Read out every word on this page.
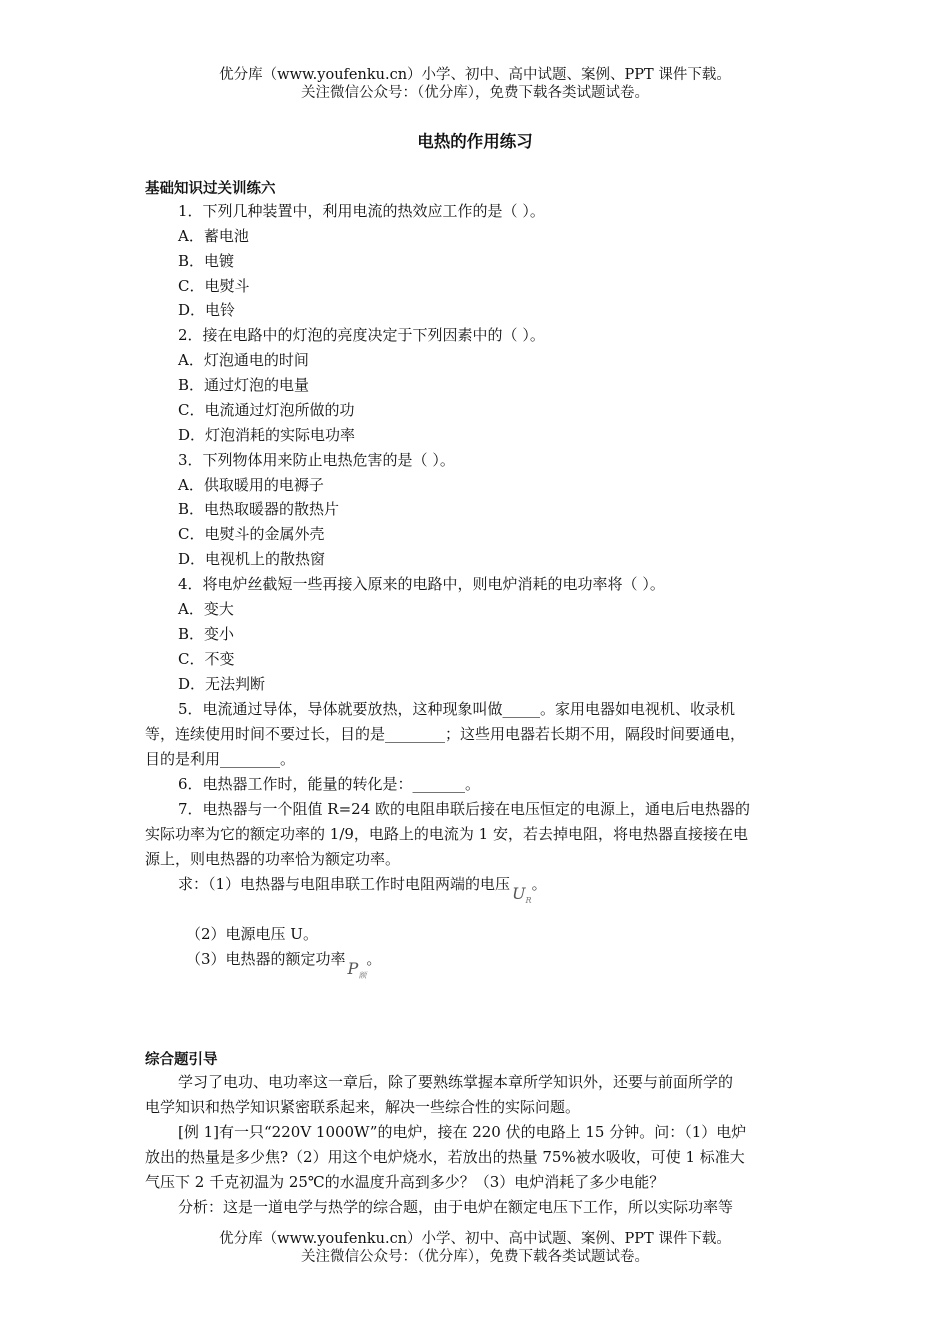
优分库（www.youfenku.cn）小学、初中、高中试题、案例、PPT 课件下载。
关注微信公众号：（优分库），免费下载各类试题试卷。
电热的作用练习
基础知识过关训练六
1．下列几种装置中，利用电流的热效应工作的是（ ）。
A．蓄电池
B．电镀
C．电熨斗
D．电铃
2．接在电路中的灯泡的亮度决定于下列因素中的（ ）。
A．灯泡通电的时间
B．通过灯泡的电量
C．电流通过灯泡所做的功
D．灯泡消耗的实际电功率
3．下列物体用来防止电热危害的是（ ）。
A．供取暖用的电褥子
B．电热取暖器的散热片
C．电熨斗的金属外壳
D．电视机上的散热窗
4．将电炉丝截短一些再接入原来的电路中，则电炉消耗的电功率将（ ）。
A．变大
B．变小
C．不变
D．无法判断
5．电流通过导体，导体就要放热，这种现象叫做_____。家用电器如电视机、收录机
等，连续使用时间不要过长，目的是________；这些用电器若长期不用，隔段时间要通电，
目的是利用________。
6．电热器工作时，能量的转化是：_______。
7．电热器与一个阻值 R=24 欧的电阻串联后接在电压恒定的电源上，通电后电热器的
实际功率为它的额定功率的 1/9，电路上的电流为 1 安，若去掉电阻，将电热器直接接在电
源上，则电热器的功率恰为额定功率。
求：（1）电热器与电阻串联工作时电阻两端的电压 $U_R$。
（2）电源电压 U。
（3）电热器的额定功率 $P_额$。
综合题引导
学习了电功、电功率这一章后，除了要熟练掌握本章所学知识外，还要与前面所学的
电学知识和热学知识紧密联系起来，解决一些综合性的实际问题。
[例 1]有一只“220V 1000W”的电炉，接在 220 伏的电路上 15 分钟。问：（1）电炉
放出的热量是多少焦?（2）用这个电炉烧水，若放出的热量 75%被水吸收，可使 1 标准大
气压下 2 千克初温为 25℃的水温度升高到多少？（3）电炉消耗了多少电能？
分析：这是一道电学与热学的综合题，由于电炉在额定电压下工作，所以实际功率等
优分库（www.youfenku.cn）小学、初中、高中试题、案例、PPT 课件下载。
关注微信公众号：（优分库），免费下载各类试题试卷。
